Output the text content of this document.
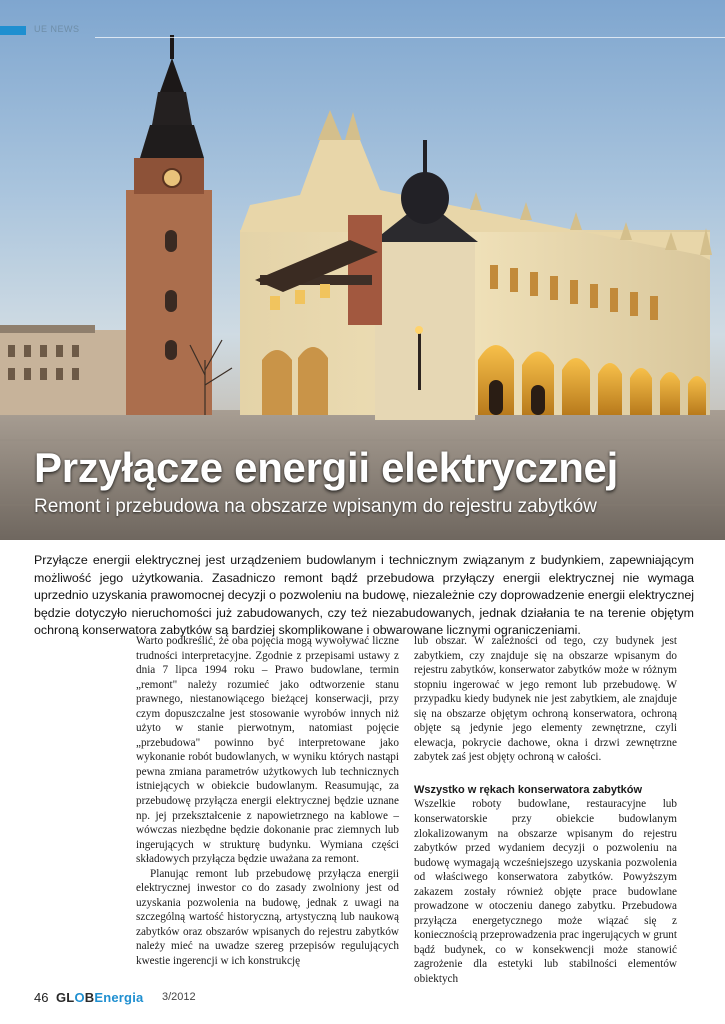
UE NEWS
Przyłącze energii elektrycznej
Remont i przebudowa na obszarze wpisanym do rejestru zabytków
Przyłącze energii elektrycznej jest urządzeniem budowlanym i technicznym związanym z budynkiem, zapewniającym możliwość jego użytkowania. Zasadniczo remont bądź przebudowa przyłączy energii elektrycznej nie wymaga uprzednio uzyskania prawomocnej decyzji o pozwoleniu na budowę, niezależnie czy doprowadzenie energii elektrycznej będzie dotyczyło nieruchomości już zabudowanych, czy też niezabudowanych, jednak działania te na terenie objętym ochroną konserwatora zabytków są bardziej skomplikowane i obwarowane licznymi ograniczeniami.

Warto podkreślić, że oba pojęcia mogą wywoływać liczne trudności interpretacyjne. Zgodnie z przepisami ustawy z dnia 7 lipca 1994 roku – Prawo budowlane, termin „remont" należy rozumieć jako odtworzenie stanu prawnego, niestanowiącego bieżącej konserwacji, przy czym dopuszczalne jest stosowanie wyrobów innych niż użyto w stanie pierwotnym, natomiast pojęcie „przebudowa" powinno być interpretowane jako wykonanie robót budowlanych, w wyniku których nastąpi pewna zmiana parametrów użytkowych lub technicznych istniejących w obiekcie budowlanym. Reasumując, za przebudowę przyłącza energii elektrycznej będzie uznane np. jej przekształcenie z napowietrznego na kablowe – wówczas niezbędne będzie dokonanie prac ziemnych lub ingerujących w strukturę budynku. Wymiana części składowych przyłącza będzie uważana za remont.

Planując remont lub przebudowę przyłącza energii elektrycznej inwestor co do zasady zwolniony jest od uzyskania pozwolenia na budowę, jednak z uwagi na szczególną wartość historyczną, artystyczną lub naukową zabytków oraz obszarów wpisanych do rejestru zabytków należy mieć na uwadze szereg przepisów regulujących kwestie ingerencji w ich konstrukcję

lub obszar. W zależności od tego, czy budynek jest zabytkiem, czy znajduje się na obszarze wpisanym do rejestru zabytków, konserwator zabytków może w różnym stopniu ingerować w jego remont lub przebudowę. W przypadku kiedy budynek nie jest zabytkiem, ale znajduje się na obszarze objętym ochroną konserwatora, ochroną objęte są jedynie jego elementy zewnętrzne, czyli elewacja, pokrycie dachowe, okna i drzwi zewnętrzne zabytek zaś jest objęty ochroną w całości.

Wszystko w rękach konserwatora zabytków

Wszelkie roboty budowlane, restauracyjne lub konserwatorskie przy obiekcie budowlanym zlokalizowanym na obszarze wpisanym do rejestru zabytków przed wydaniem decyzji o pozwoleniu na budowę wymagają wcześniejszego uzyskania pozwolenia od właściwego konserwatora zabytków. Powyższym zakazem zostały również objęte prace budowlane prowadzone w otoczeniu danego zabytku. Przebudowa przyłącza energetycznego może wiązać się z koniecznością przeprowadzenia prac ingerujących w grunt bądź budynek, co w konsekwencji może stanowić zagrożenie dla estetyki lub stabilności elementów obiektych

46 GLOBEnergia 3/2012
